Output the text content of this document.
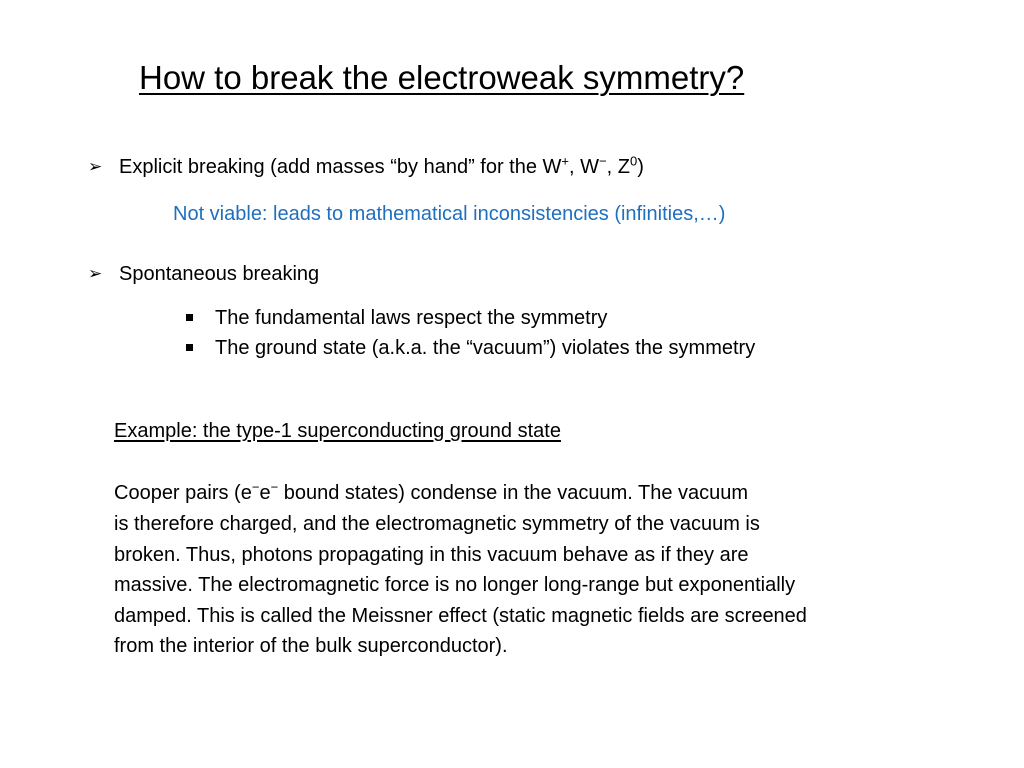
How to break the electroweak symmetry?
➢ Explicit breaking (add masses “by hand” for the W+, W−, $Z^0$)
Not viable: leads to mathematical inconsistencies (infinities,…)
➢ Spontaneous breaking
The fundamental laws respect the symmetry
The ground state (a.k.a. the “vacuum”) violates the symmetry
Example: the type-1 superconducting ground state
Cooper pairs (e−e− bound states) condense in the vacuum. The vacuum
is therefore charged, and the electromagnetic symmetry of the vacuum is
broken. Thus, photons propagating in this vacuum behave as if they are
massive. The electromagnetic force is no longer long-range but exponentially
damped. This is called the Meissner effect (static magnetic fields are screened
from the interior of the bulk superconductor).
